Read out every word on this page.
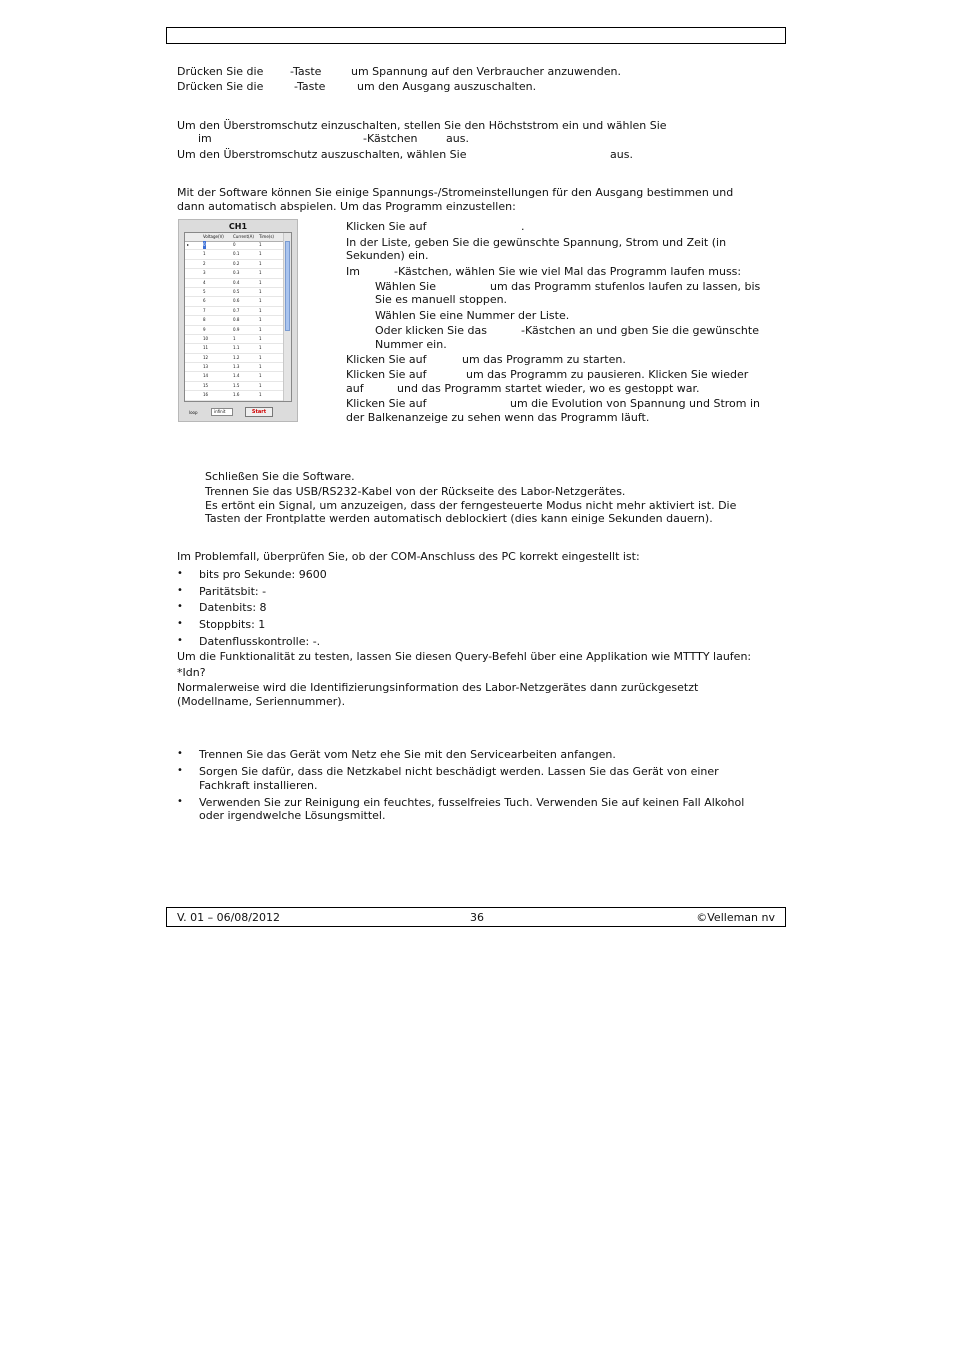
Drücken Sie die -Taste	um Spannung auf den Verbraucher anzuwenden.
Drücken Sie die	-Taste	um den Ausgang auszuschalten.
Um den Überstromschutz einzuschalten, stellen Sie den Höchststrom ein und wählen Sie
im	-Kästchen	aus.
Um den Überstromschutz auszuschalten, wählen Sie	aus.
Mit der Software können Sie einige Spannungs-/Stromeinstellungen für den Ausgang bestimmen und
dann automatisch abspielen. Um das Programm einzustellen:
CH1
Voltage(V) Current(A) Time(s)
▸	0	0	1
1	0.1	1
2	0.2	1
3	0.3	1
4	0.4	1
5	0.5	1
6	0.6	1
7	0.7	1
8	0.8	1
9	0.9	1
10	1	1
11	1.1	1
12	1.2	1
13	1.3	1
14	1.4	1
15	1.5	1
16	1.6	1
loop	infinit	Start
Klicken Sie auf	.
In der Liste, geben Sie die gewünschte Spannung, Strom und Zeit (in
Sekunden) ein.
Im	-Kästchen, wählen Sie wie viel Mal das Programm laufen muss:
Wählen Sie	um das Programm stufenlos laufen zu lassen, bis
Sie es manuell stoppen.
Wählen Sie eine Nummer der Liste.
Oder klicken Sie das	-Kästchen an und gben Sie die gewünschte
Nummer ein.
Klicken Sie auf	um das Programm zu starten.
Klicken Sie auf	um das Programm zu pausieren. Klicken Sie wieder
auf	und das Programm startet wieder, wo es gestoppt war.
Klicken Sie auf	um die Evolution von Spannung und Strom in
der Balkenanzeige zu sehen wenn das Programm läuft.
Schließen Sie die Software.
Trennen Sie das USB/RS232-Kabel von der Rückseite des Labor-Netzgerätes.
Es ertönt ein Signal, um anzuzeigen, dass der ferngesteuerte Modus nicht mehr aktiviert ist. Die
Tasten der Frontplatte werden automatisch deblockiert (dies kann einige Sekunden dauern).
Im Problemfall, überprüfen Sie, ob der COM-Anschluss des PC korrekt eingestellt ist:
• bits pro Sekunde: 9600
• Paritätsbit: -
• Datenbits: 8
• Stoppbits: 1
• Datenflusskontrolle: -.
Um die Funktionalität zu testen, lassen Sie diesen Query-Befehl über eine Applikation wie MTTTY laufen:
*Idn?
Normalerweise wird die Identifizierungsinformation des Labor-Netzgerätes dann zurückgesetzt
(Modellname, Seriennummer).
• Trennen Sie das Gerät vom Netz ehe Sie mit den Servicearbeiten anfangen.
• Sorgen Sie dafür, dass die Netzkabel nicht beschädigt werden. Lassen Sie das Gerät von einer
Fachkraft installieren.
• Verwenden Sie zur Reinigung ein feuchtes, fusselfreies Tuch. Verwenden Sie auf keinen Fall Alkohol
oder irgendwelche Lösungsmittel.
V. 01 – 06/08/2012	36	©Velleman nv
